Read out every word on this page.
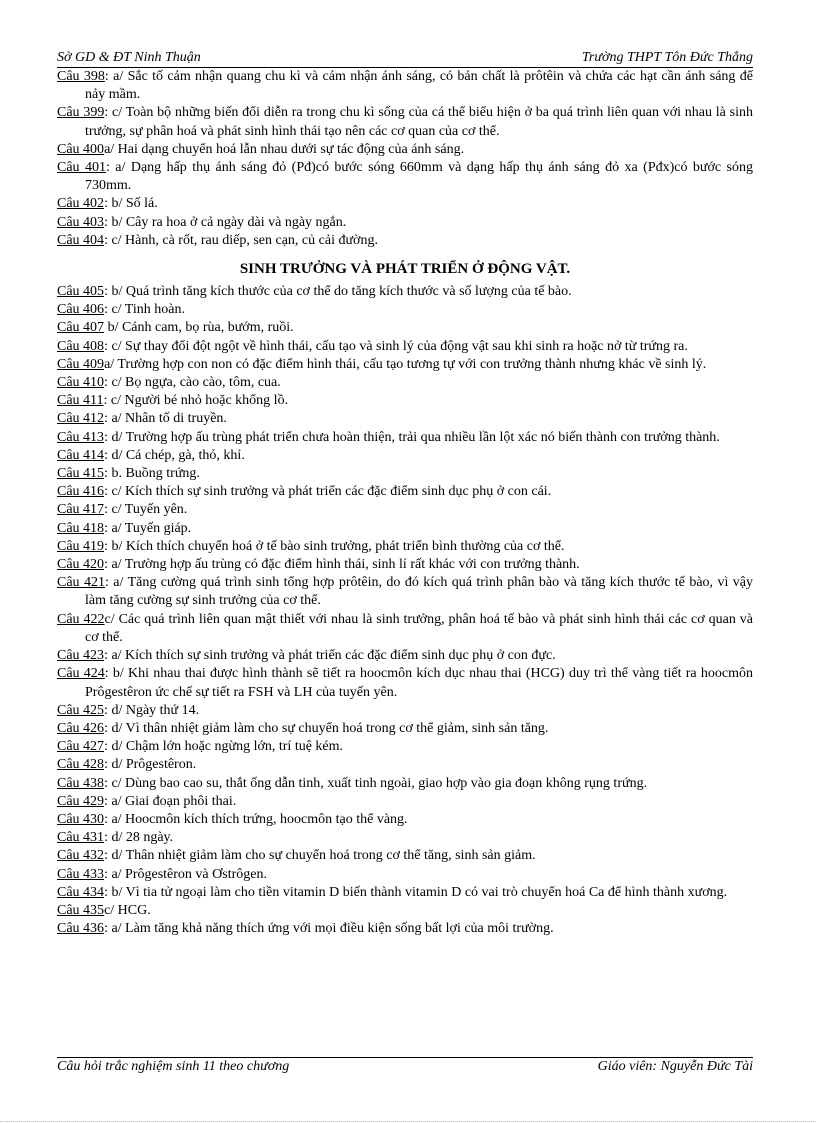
Sở GD & ĐT Ninh Thuận	Trường THPT Tôn Đức Thắng
Câu 398: a/ Sắc tố cảm nhận quang chu kì và cảm nhận ánh sáng, có bản chất là prôtêin và chứa các hạt cần ánh sáng để nảy mầm.
Câu 399: c/ Toàn bộ những biến đổi diễn ra trong chu kì sống của cá thể biểu hiện ở ba quá trình liên quan với nhau là sinh trưởng, sự phân hoá và phát sinh hình thái tạo nên các cơ quan của cơ thể.
Câu 400a/ Hai dạng chuyển hoá lẫn nhau dưới sự tác động của ánh sáng.
Câu 401: a/ Dạng hấp thụ ánh sáng đỏ (Pđ)có bước sóng 660mm và dạng hấp thụ ánh sáng đỏ xa (Pđx)có bước sóng 730mm.
Câu 402: b/ Số lá.
Câu 403: b/ Cây ra hoa ở cả ngày dài và ngày ngắn.
Câu 404: c/ Hành, cà rốt, rau diếp, sen cạn, củ cải đường.
SINH TRƯỞNG VÀ PHÁT TRIỂN Ở ĐỘNG VẬT.
Câu 405: b/ Quá trình tăng kích thước của cơ thể do tăng kích thước và số lượng của tế bào.
Câu 406: c/ Tinh hoàn.
Câu 407 b/ Cánh cam, bọ rùa, bướm, ruồi.
Câu 408: c/ Sự thay đổi đột ngột về hình thái, cấu tạo và sinh lý của động vật sau khi sinh ra hoặc nở từ trứng ra.
Câu 409a/ Trường hợp con non có đặc điểm hình thái, cấu tạo tương tự với con trưởng thành nhưng khác về sinh lý.
Câu 410: c/ Bọ ngựa, cào cào, tôm, cua.
Câu 411: c/ Người bé nhỏ hoặc khổng lồ.
Câu 412: a/ Nhân tố di truyền.
Câu 413: d/ Trường hợp ấu trùng phát triển chưa hoàn thiện, trải qua nhiều lần lột xác nó biến thành con trưởng thành.
Câu 414: d/ Cá chép, gà, thỏ, khỉ.
Câu 415: b. Buồng trứng.
Câu 416: c/ Kích thích sự sinh trưởng và phát triển các đặc điểm sinh dục phụ ở con cái.
Câu 417: c/ Tuyến yên.
Câu 418: a/ Tuyến giáp.
Câu 419: b/ Kích thích chuyển hoá ở tế bào sinh trưởng, phát triển bình thường của cơ thể.
Câu 420: a/ Trường hợp ấu trùng có đặc điểm hình thái, sinh lí rất khác với con trưởng thành.
Câu 421: a/ Tăng cường quá trình sinh tổng hợp prôtêin, do đó kích quá trình phân bào và tăng kích thước tế bào, vì vậy làm tăng cường sự sinh trưởng của cơ thể.
Câu 422c/ Các quá trình liên quan mật thiết với nhau là sinh trưởng, phân hoá tế bào và phát sinh hình thái các cơ quan và cơ thể.
Câu 423: a/ Kích thích sự sinh trưởng và phát triển các đặc điểm sinh dục phụ ở con đực.
Câu 424: b/ Khi nhau thai được hình thành sẽ tiết ra hoocmôn kích dục nhau thai (HCG) duy trì thể vàng tiết ra hoocmôn Prôgestêron ức chế sự tiết ra FSH và LH của tuyến yên.
Câu 425: d/ Ngày thứ 14.
Câu 426: d/ Vì thân nhiệt giảm làm cho sự chuyển hoá trong cơ thể giảm, sinh sản tăng.
Câu 427: d/ Chậm lớn hoặc ngừng lớn, trí tuệ kém.
Câu 428: d/ Prôgestêron.
Câu 438: c/ Dùng bao cao su, thắt ống dẫn tinh, xuất tinh ngoài, giao hợp vào gia đoạn không rụng trứng.
Câu 429: a/ Giai đoạn phôi thai.
Câu 430: a/ Hoocmôn kích thích trứng, hoocmôn tạo thể vàng.
Câu 431: d/ 28 ngày.
Câu 432: d/ Thân nhiệt giảm làm cho sự chuyển hoá trong cơ thể tăng, sinh sản giảm.
Câu 433: a/ Prôgestêron và Ơstrôgen.
Câu 434: b/ Vì tia tử ngoại làm cho tiền vitamin D biến thành vitamin D có vai trò chuyển hoá Ca để hình thành xương.
Câu 435c/ HCG.
Câu 436: a/ Làm tăng khả năng thích ứng với mọi điều kiện sống bất lợi của môi trường.
Câu hỏi trắc nghiệm sinh 11 theo chương	Giáo viên: Nguyễn Đức Tài
